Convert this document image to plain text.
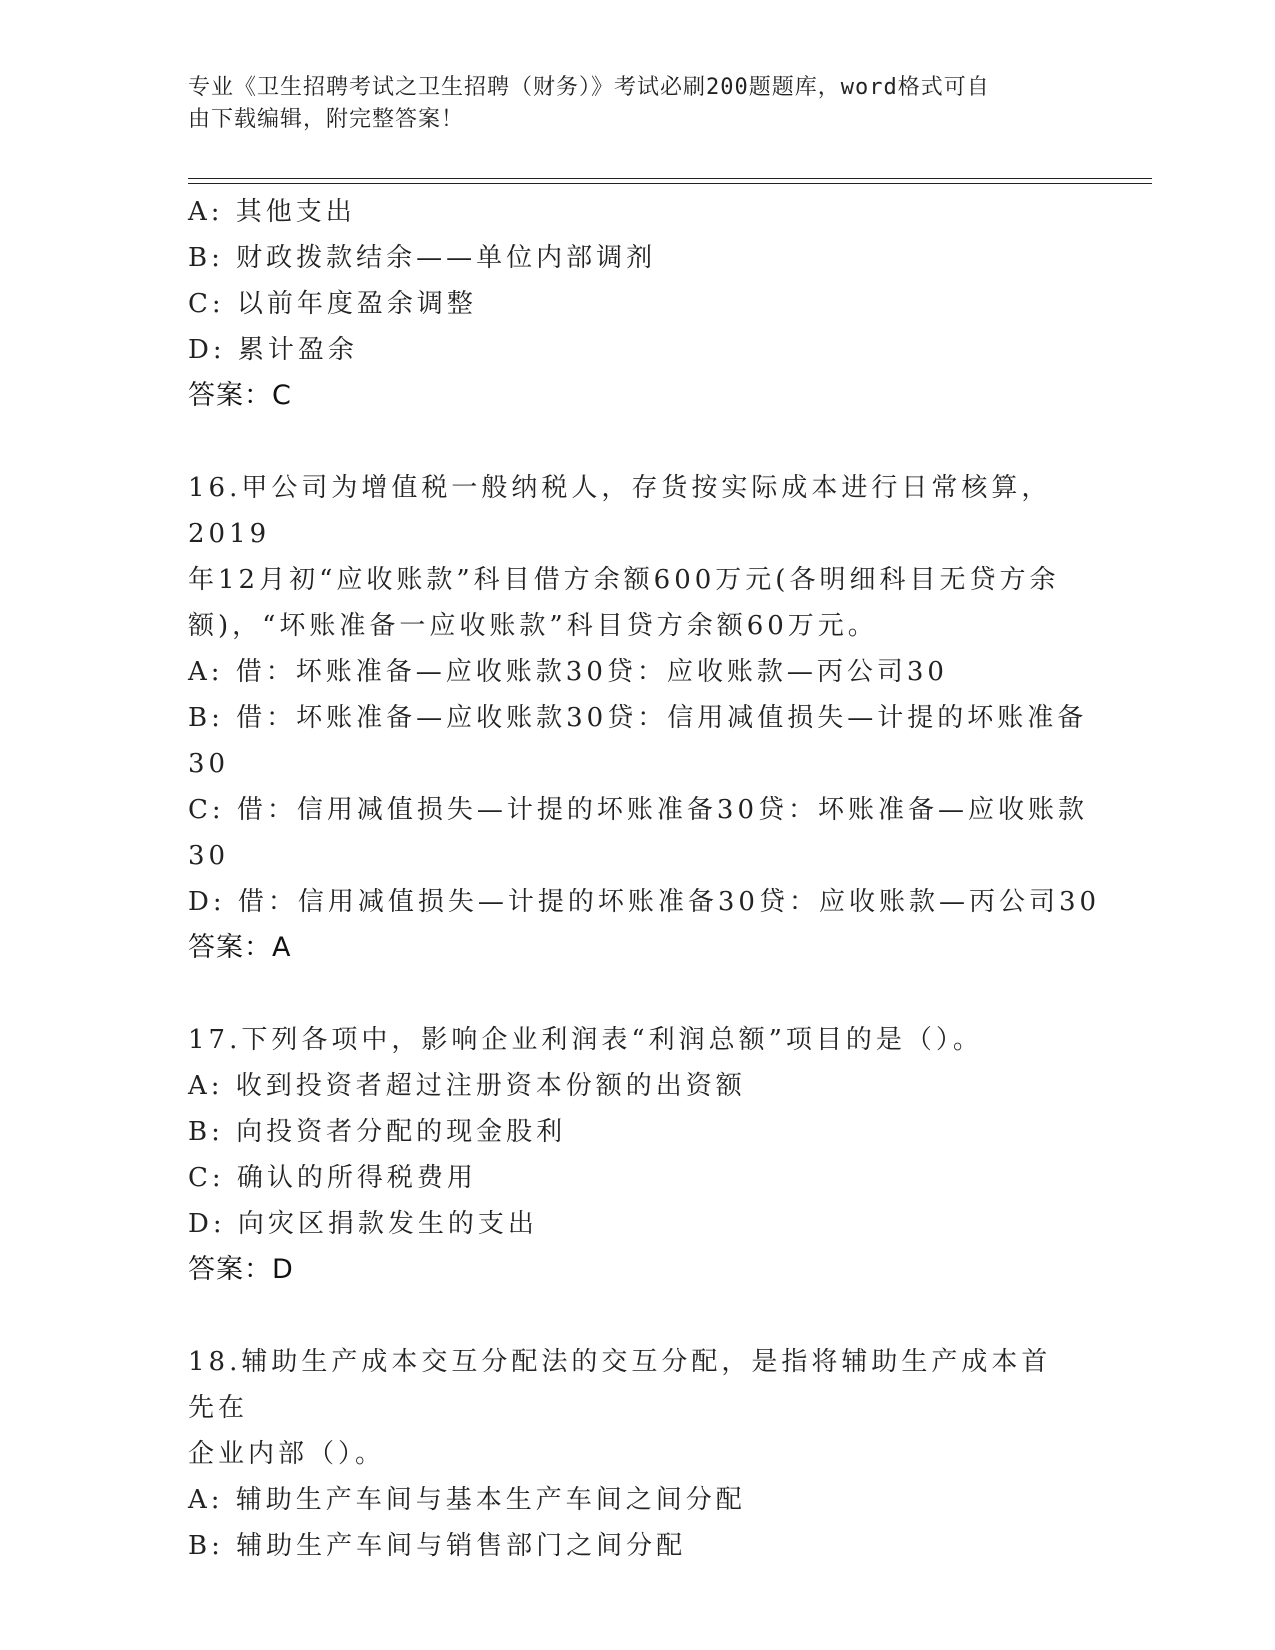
专业《卫生招聘考试之卫生招聘（财务）》考试必刷200题题库，word格式可自
由下载编辑，附完整答案！
A: 其他支出
B: 财政拨款结余——单位内部调剂
C: 以前年度盈余调整
D: 累计盈余
答案：C
16.甲公司为增值税一般纳税人，存货按实际成本进行日常核算，2019
年12月初“应收账款”科目借方余额600万元(各明细科目无贷方余
额)，“坏账准备一应收账款”科目贷方余额60万元。
A: 借：坏账准备—应收账款30贷：应收账款—丙公司30
B: 借：坏账准备—应收账款30贷：信用减值损失—计提的坏账准备
30
C: 借：信用减值损失—计提的坏账准备30贷：坏账准备—应收账款
30
D: 借：信用减值损失—计提的坏账准备30贷：应收账款—丙公司30
答案：A
17.下列各项中，影响企业利润表“利润总额”项目的是（）。
A: 收到投资者超过注册资本份额的出资额
B: 向投资者分配的现金股利
C: 确认的所得税费用
D: 向灾区捐款发生的支出
答案：D
18.辅助生产成本交互分配法的交互分配，是指将辅助生产成本首先在
企业内部（）。
A: 辅助生产车间与基本生产车间之间分配
B: 辅助生产车间与销售部门之间分配
